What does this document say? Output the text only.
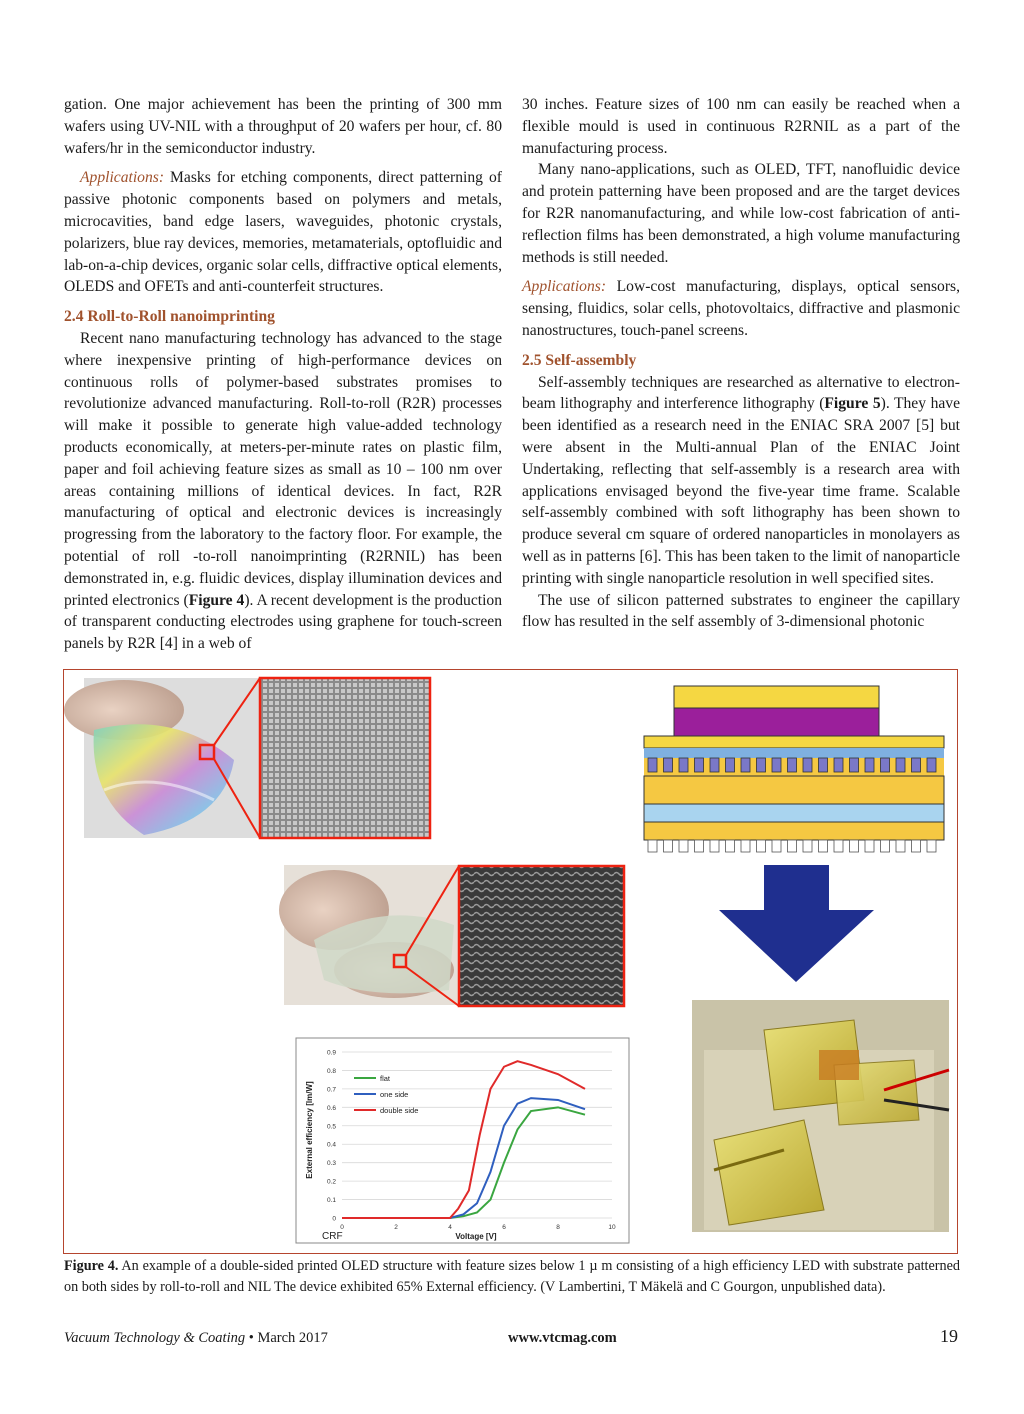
gation. One major achievement has been the printing of 300 mm wafers using UV-NIL with a throughput of 20 wafers per hour, cf. 80 wafers/hr in the semiconductor industry.

Applications: Masks for etching components, direct patterning of passive photonic components based on polymers and metals, microcavities, band edge lasers, waveguides, photonic crystals, polarizers, blue ray devices, memories, metamaterials, optofluidic and lab-on-a-chip devices, organic solar cells, diffractive optical elements, OLEDS and OFETs and anti-counterfeit structures.

2.4 Roll-to-Roll nanoimprinting

Recent nano manufacturing technology has advanced to the stage where inexpensive printing of high-performance devices on continuous rolls of polymer-based substrates promises to revolutionize advanced manufacturing. Roll-to-roll (R2R) processes will make it possible to generate high value-added technology products economically, at meters-per-minute rates on plastic film, paper and foil achieving feature sizes as small as 10 – 100 nm over areas containing millions of identical devices. In fact, R2R manufacturing of optical and electronic devices is increasingly progressing from the laboratory to the factory floor. For example, the potential of roll -to-roll nanoimprinting (R2RNIL) has been demonstrated in, e.g. fluidic devices, display illumination devices and printed electronics (Figure 4). A recent development is the production of transparent conducting electrodes using graphene for touch-screen panels by R2R [4] in a web of

30 inches. Feature sizes of 100 nm can easily be reached when a flexible mould is used in continuous R2RNIL as a part of the manufacturing process.

Many nano-applications, such as OLED, TFT, nanofluidic device and protein patterning have been proposed and are the target devices for R2R nanomanufacturing, and while low-cost fabrication of anti-reflection films has been demonstrated, a high volume manufacturing methods is still needed.

Applications: Low-cost manufacturing, displays, optical sensors, sensing, fluidics, solar cells, photovoltaics, diffractive and plasmonic nanostructures, touch-panel screens.

2.5 Self-assembly

Self-assembly techniques are researched as alternative to electron-beam lithography and interference lithography (Figure 5). They have been identified as a research need in the ENIAC SRA 2007 [5] but were absent in the Multi-annual Plan of the ENIAC Joint Undertaking, reflecting that self-assembly is a research area with applications envisaged beyond the five-year time frame. Scalable self-assembly combined with soft lithography has been shown to produce several cm square of ordered nanoparticles in monolayers as well as in patterns [6]. This has been taken to the limit of nanoparticle printing with single nanoparticle resolution in well specified sites.

The use of silicon patterned substrates to engineer the capillary flow has resulted in the self assembly of 3-dimensional photonic

0.9
0.8
0.7
0.6
0.5
0.4
0.3
0.2
0.1
0
0	2	4	6	8	10
External efficiency [lm/W]
Voltage [V]
CRF
flat
one side
double side
Figure 4. An example of a double-sided printed OLED structure with feature sizes below 1 µ m consisting of a high efficiency LED with substrate patterned on both sides by roll-to-roll and NIL The device exhibited 65% External efficiency. (V Lambertini, T Mäkelä and C Gourgon, unpublished data).
Vacuum Technology & Coating • March 2017	www.vtcmag.com	19
